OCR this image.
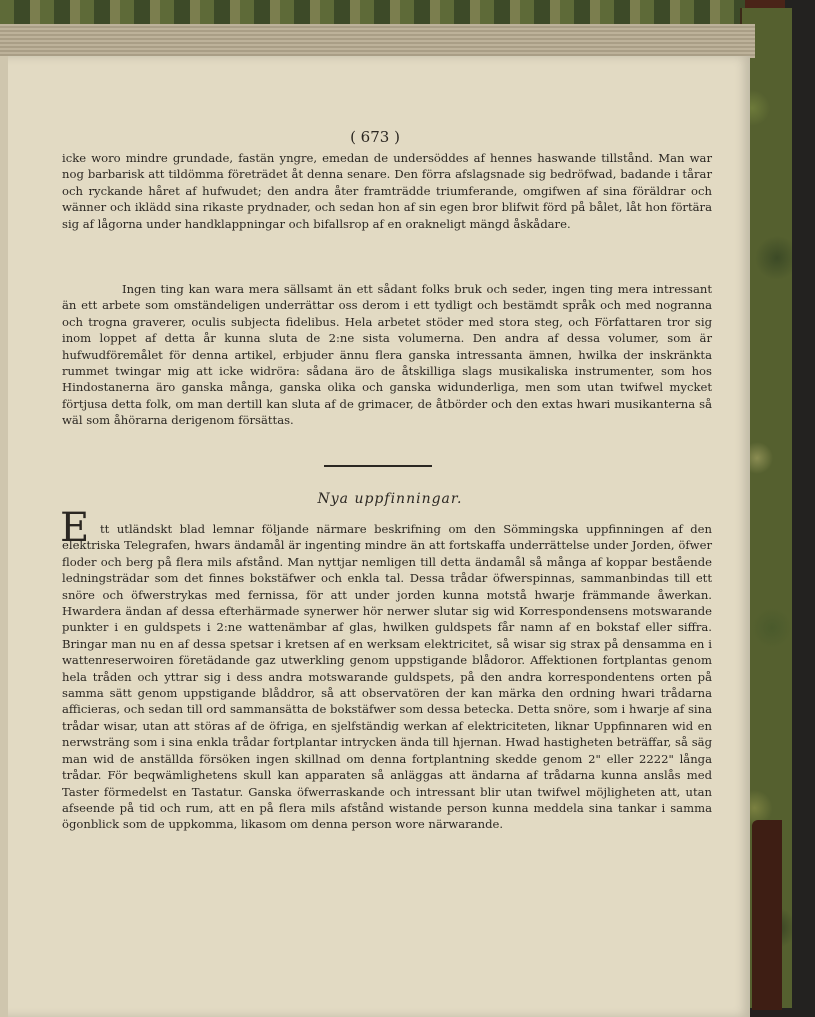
( 673 )
icke woro mindre grundade, fastän yngre, emedan de undersöddes af hennes haswande tillstånd. Man war nog barbarisk att tildömma företrädet åt denna senare. Den förra afslagsnade sig bedröfwad, badande i tårar och ryckande håret af hufwudet; den andra åter framträdde triumferande, omgifwen af sina föräldrar och wänner och iklädd sina rikaste prydnader, och sedan hon af sin egen bror blifwit förd på bålet, låt hon förtära sig af lågorna under handklappningar och bifallsrop af en orakneligt mängd åskådare.
Ingen ting kan wara mera sällsamt än ett sådant folks bruk och seder, ingen ting mera intressant än ett arbete som omständeligen underrättar oss derom i ett tydligt och bestämdt språk och med nogranna och trogna graverer, oculis subjecta fidelibus. Hela arbetet stöder med stora steg, och Författaren tror sig inom loppet af detta år kunna sluta de 2:ne sista volumerna. Den andra af dessa volumer, som är hufwudföremålet för denna artikel, erbjuder ännu flera ganska intressanta ämnen, hwilka der inskränkta rummet twingar mig att icke widröra: sådana äro de åtskilliga slags musikaliska instrumenter, som hos Hindostanerna äro ganska många, ganska olika och ganska widunderliga, men som utan twifwel mycket förtjusa detta folk, om man dertill kan sluta af de grimacer, de åtbörder och den extas hwari musikanterna så wäl som åhörarna derigenom försättas.
Nya uppfinningar.
E tt utländskt blad lemnar följande närmare beskrifning om den Sömmingska uppfinningen af den elektriska Telegrafen, hwars ändamål är ingenting mindre än att fortskaffa underrättelse under Jorden, öfwer floder och berg på flera mils afstånd. Man nyttjar nemligen till detta ändamål så många af koppar bestående ledningsträdar som det finnes bokstäfwer och enkla tal. Dessa trådar öfwerspinnas, sammanbindas till ett snöre och öfwerstrykas med fernissa, för att under jorden kunna motstå hwarje främmande åwerkan. Hwardera ändan af dessa efterhärmade synerwer hör nerwer slutar sig wid Korrespondensens motswarande punkter i en guldspets i 2:ne wattenämbar af glas, hwilken guldspets får namn af en bokstaf eller siffra. Bringar man nu en af dessa spetsar i kretsen af en werksam elektricitet, så wisar sig strax på densamma en i wattenreserwoiren företädande gaz utwerkling genom uppstigande blådoror. Affektionen fortplantas genom hela tråden och yttrar sig i dess andra motswarande guldspets, på den andra korrespondentens orten på samma sätt genom uppstigande blåddror, så att observatören der kan märka den ordning hwari trådarna afficieras, och sedan till ord sammansätta de bokstäfwer som dessa betecka. Detta snöre, som i hwarje af sina trådar wisar, utan att störas af de öfriga, en sjelfständig werkan af elektriciteten, liknar Uppfinnaren wid en nerwsträng som i sina enkla trådar fortplantar intrycken ända till hjernan. Hwad hastigheten beträffar, så säg man wid de anställda försöken ingen skillnad om denna fortplantning skedde genom 2" eller 2222" långa trådar. För beqwämlighetens skull kan apparaten så anläggas att ändarna af trådarna kunna anslås med Taster förmedelst en Tastatur. Ganska öfwerraskande och intressant blir utan twifwel möjligheten att, utan afseende på tid och rum, att en på flera mils afstånd wistande person kunna meddela sina tankar i samma ögonblick som de uppkomma, likasom om denna person wore närwarande.
